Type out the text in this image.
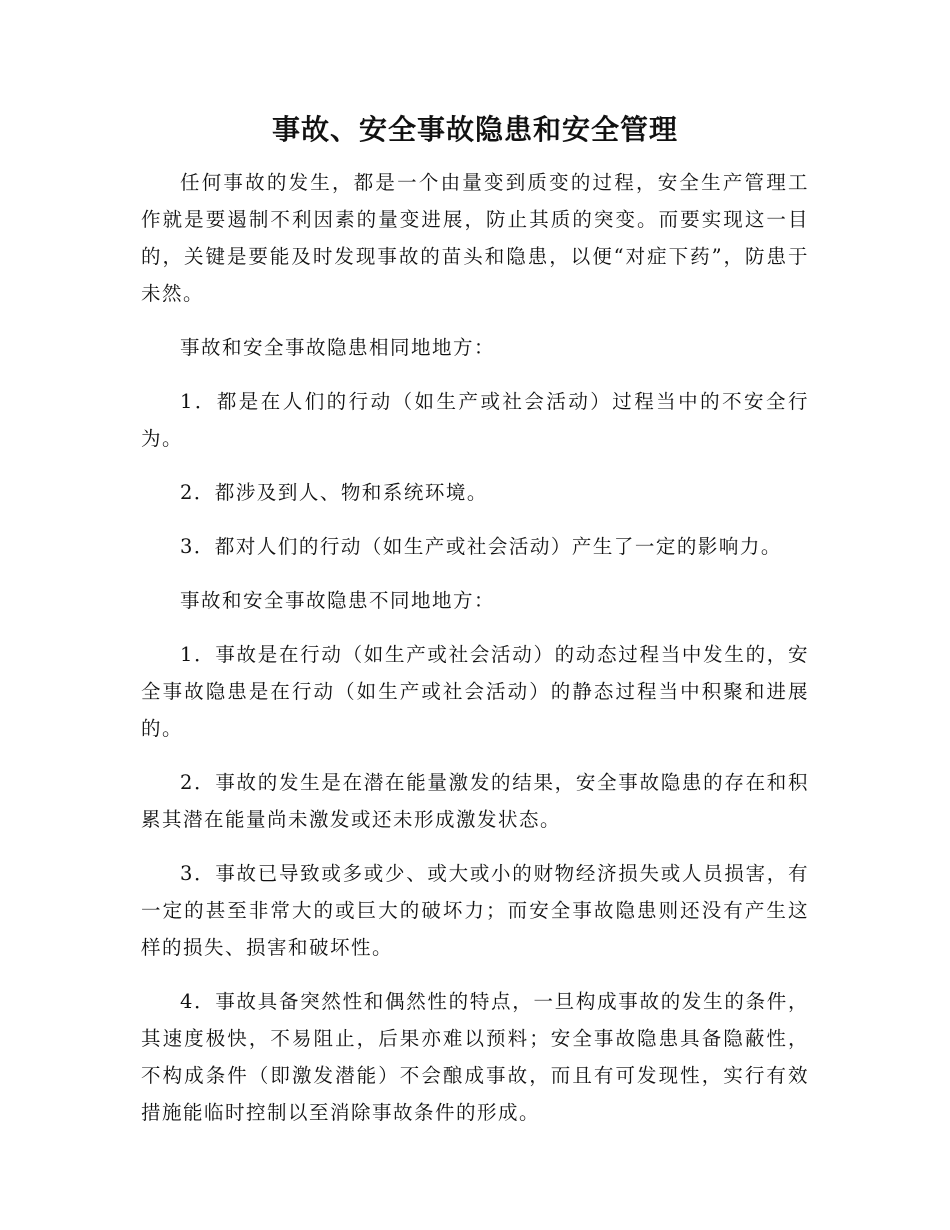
事故、安全事故隐患和安全管理

任何事故的发生，都是一个由量变到质变的过程，安全生产管理工作就是要遏制不利因素的量变进展，防止其质的突变。而要实现这一目的，关键是要能及时发现事故的苗头和隐患，以便“对症下药”，防患于未然。

事故和安全事故隐患相同地地方：

1．都是在人们的行动（如生产或社会活动）过程当中的不安全行为。

2．都涉及到人、物和系统环境。

3．都对人们的行动（如生产或社会活动）产生了一定的影响力。

事故和安全事故隐患不同地地方：

1．事故是在行动（如生产或社会活动）的动态过程当中发生的，安全事故隐患是在行动（如生产或社会活动）的静态过程当中积聚和进展的。

2．事故的发生是在潜在能量激发的结果，安全事故隐患的存在和积累其潜在能量尚未激发或还未形成激发状态。

3．事故已导致或多或少、或大或小的财物经济损失或人员损害，有一定的甚至非常大的或巨大的破坏力；而安全事故隐患则还没有产生这样的损失、损害和破坏性。

4．事故具备突然性和偶然性的特点，一旦构成事故的发生的条件，其速度极快，不易阻止，后果亦难以预料；安全事故隐患具备隐蔽性，不构成条件（即激发潜能）不会酿成事故，而且有可发现性，实行有效措施能临时控制以至消除事故条件的形成。
